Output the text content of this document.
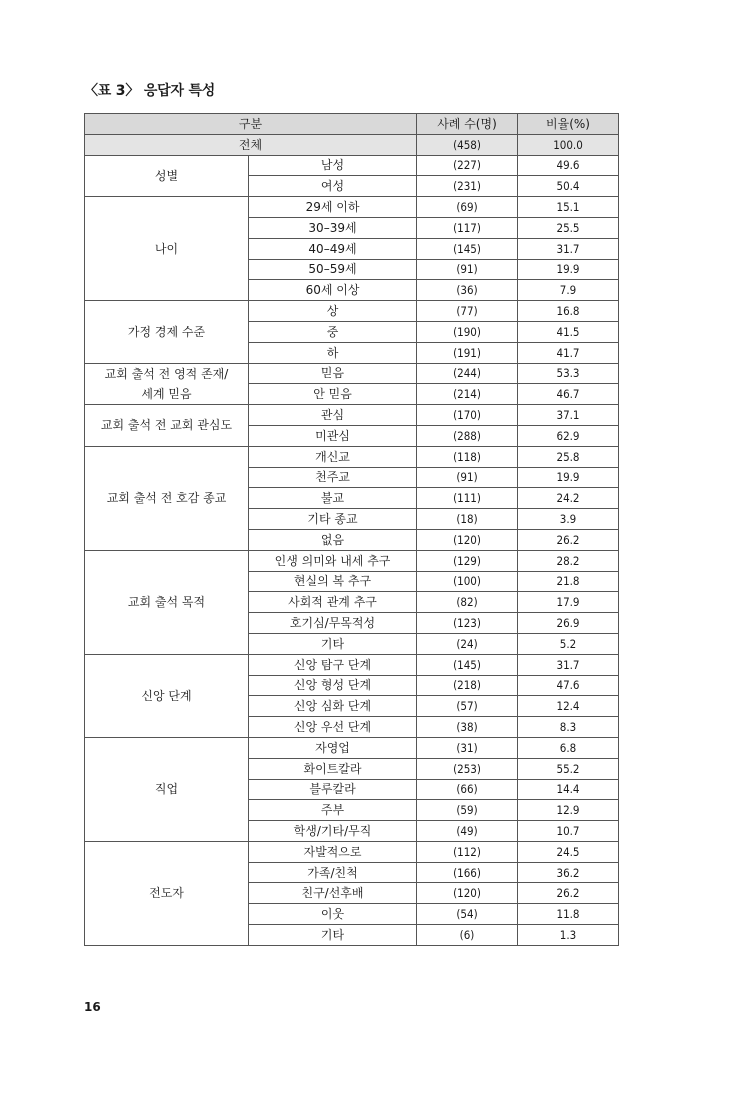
〈표 3〉 응답자 특성
구분		사례 수(명)	비율(%)
전체		(458)	100.0
성별	남성	(227)	49.6
	여성	(231)	50.4
나이	29세 이하	(69)	15.1
	30–39세	(117)	25.5
	40–49세	(145)	31.7
	50–59세	(91)	19.9
	60세 이상	(36)	7.9
가정 경제 수준	상	(77)	16.8
	중	(190)	41.5
	하	(191)	41.7
교회 출석 전 영적 존재/
세계 믿음	믿음	(244)	53.3
	안 믿음	(214)	46.7
교회 출석 전 교회 관심도	관심	(170)	37.1
	미관심	(288)	62.9
교회 출석 전 호감 종교	개신교	(118)	25.8
	천주교	(91)	19.9
	불교	(111)	24.2
	기타 종교	(18)	3.9
	없음	(120)	26.2
교회 출석 목적	인생 의미와 내세 추구	(129)	28.2
	현실의 복 추구	(100)	21.8
	사회적 관계 추구	(82)	17.9
	호기심/무목적성	(123)	26.9
	기타	(24)	5.2
신앙 단계	신앙 탐구 단계	(145)	31.7
	신앙 형성 단계	(218)	47.6
	신앙 심화 단계	(57)	12.4
	신앙 우선 단계	(38)	8.3
직업	자영업	(31)	6.8
	화이트칼라	(253)	55.2
	블루칼라	(66)	14.4
	주부	(59)	12.9
	학생/기타/무직	(49)	10.7
전도자	자발적으로	(112)	24.5
	가족/친척	(166)	36.2
	친구/선후배	(120)	26.2
	이웃	(54)	11.8
	기타	(6)	1.3
16
